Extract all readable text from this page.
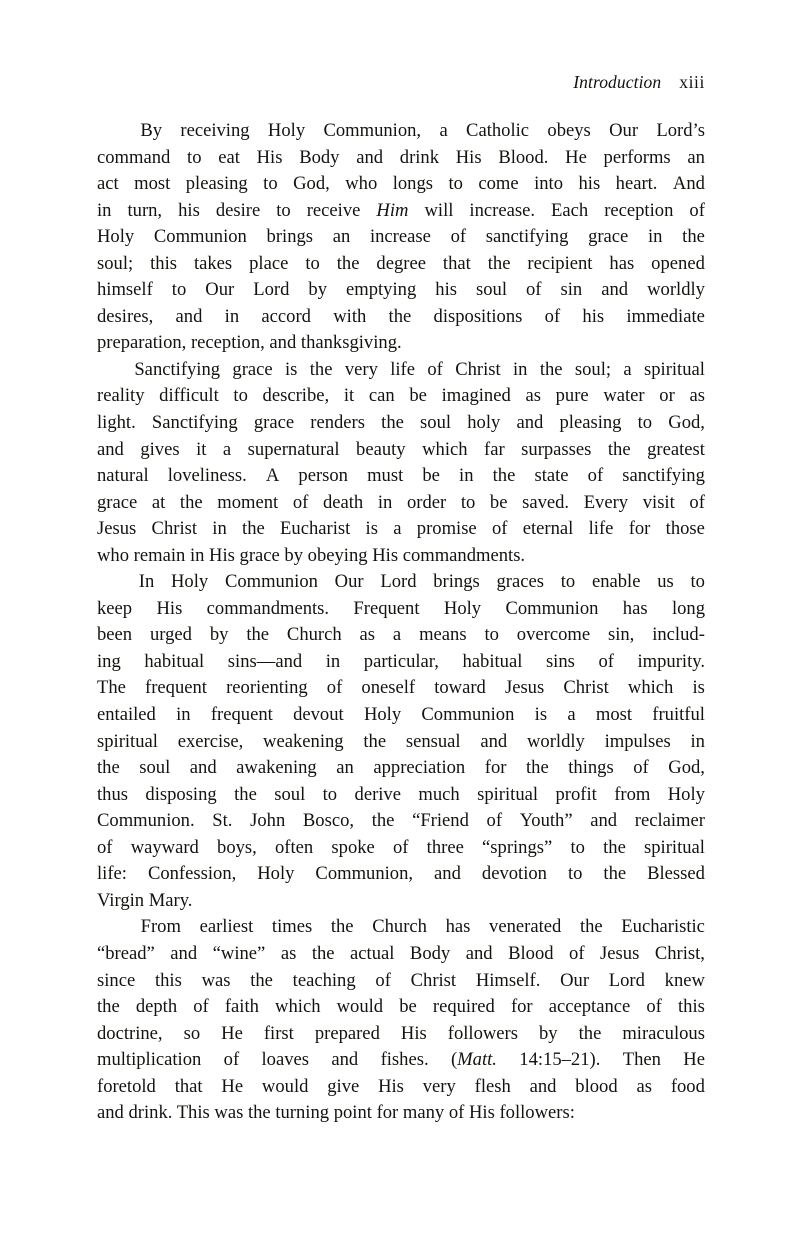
Introduction xiii
By receiving Holy Communion, a Catholic obeys Our Lord’s
command to eat His Body and drink His Blood. He performs an
act most pleasing to God, who longs to come into his heart. And
in turn, his desire to receive Him will increase. Each reception of
Holy Communion brings an increase of sanctifying grace in the
soul; this takes place to the degree that the recipient has opened
himself to Our Lord by emptying his soul of sin and worldly
desires, and in accord with the dispositions of his immediate
preparation, reception, and thanksgiving.
Sanctifying grace is the very life of Christ in the soul; a spiritual
reality difficult to describe, it can be imagined as pure water or as
light. Sanctifying grace renders the soul holy and pleasing to God,
and gives it a supernatural beauty which far surpasses the greatest
natural loveliness. A person must be in the state of sanctifying
grace at the moment of death in order to be saved. Every visit of
Jesus Christ in the Eucharist is a promise of eternal life for those
who remain in His grace by obeying His commandments.
In Holy Communion Our Lord brings graces to enable us to
keep His commandments. Frequent Holy Communion has long
been urged by the Church as a means to overcome sin, includ-
ing habitual sins—and in particular, habitual sins of impurity.
The frequent reorienting of oneself toward Jesus Christ which is
entailed in frequent devout Holy Communion is a most fruitful
spiritual exercise, weakening the sensual and worldly impulses in
the soul and awakening an appreciation for the things of God,
thus disposing the soul to derive much spiritual profit from Holy
Communion. St. John Bosco, the “Friend of Youth” and reclaimer
of wayward boys, often spoke of three “springs” to the spiritual
life: Confession, Holy Communion, and devotion to the Blessed
Virgin Mary.
From earliest times the Church has venerated the Eucharistic
“bread” and “wine” as the actual Body and Blood of Jesus Christ,
since this was the teaching of Christ Himself. Our Lord knew
the depth of faith which would be required for acceptance of this
doctrine, so He first prepared His followers by the miraculous
multiplication of loaves and fishes. (Matt. 14:15–21). Then He
foretold that He would give His very flesh and blood as food
and drink. This was the turning point for many of His followers:
